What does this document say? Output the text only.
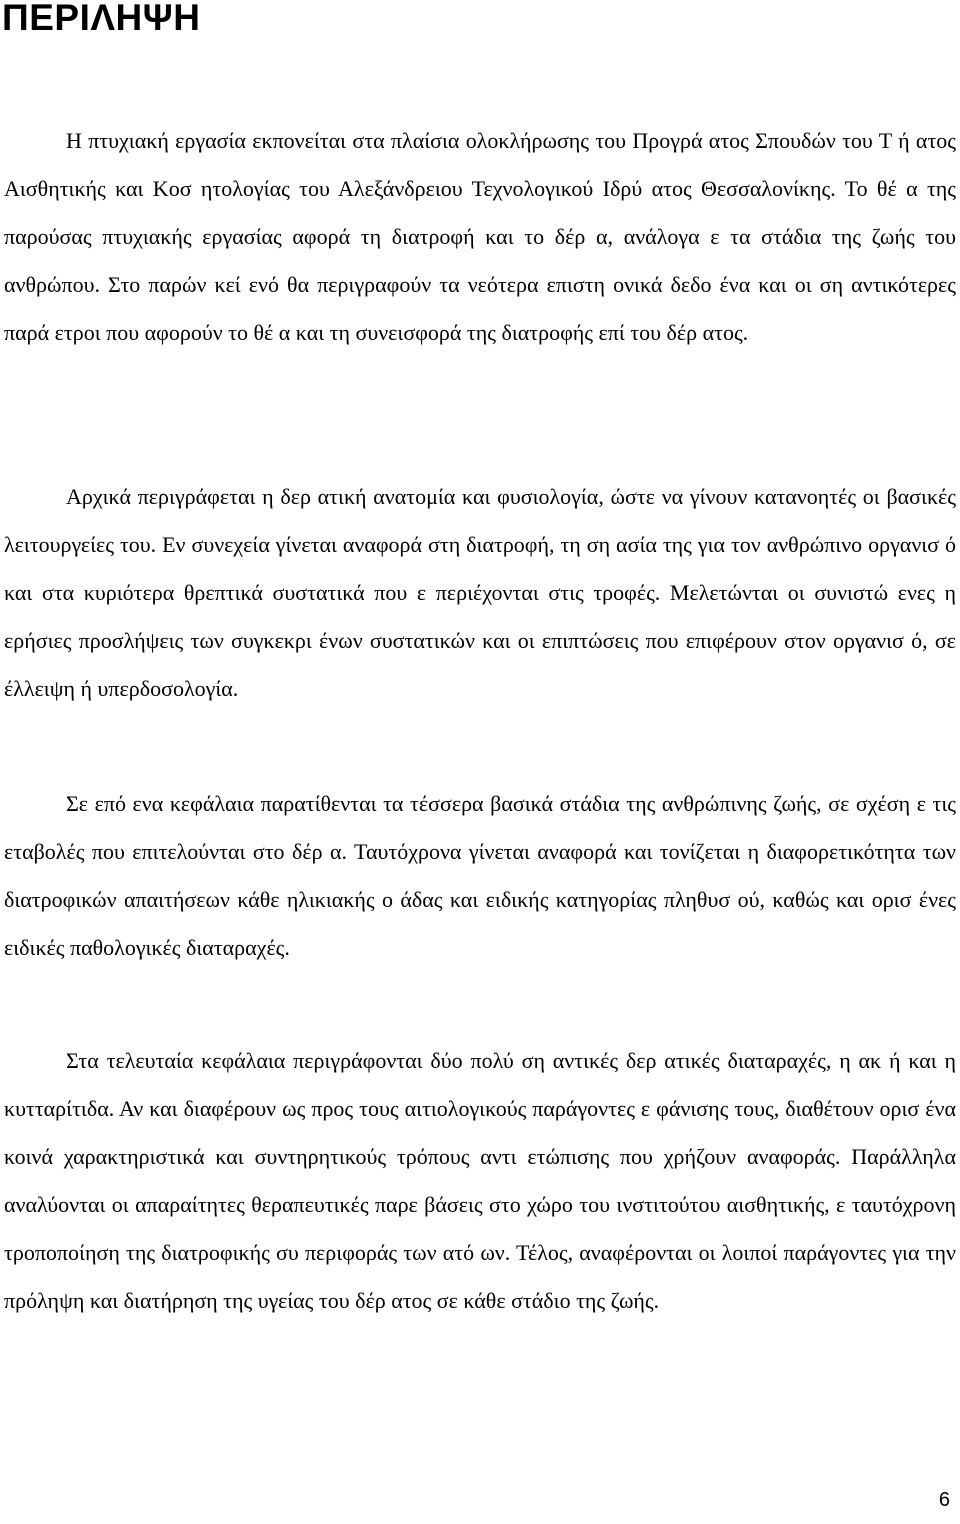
ΠΕΡΙΛΗΨΗ

Η πτυχιακή εργασία εκπονείται στα πλαίσια ολοκλήρωσης του Προγρά ατος Σπουδών του Τ ή ατος Αισθητικής και Κοσ ητολογίας του Αλεξάνδρειου Τεχνολογικού Ιδρύ ατος Θεσσαλονίκης. Το θέ α της παρούσας πτυχιακής εργασίας αφορά τη διατροφή και το δέρ α, ανάλογα ε τα στάδια της ζωής του ανθρώπου. Στο παρών κεί ενό θα περιγραφούν τα νεότερα επιστη ονικά δεδο ένα και οι ση αντικότερες παρά ετροι που αφορούν το θέ α και τη συνεισφορά της διατροφής επί του δέρ ατος.

Αρχικά περιγράφεται η δερ ατική ανατομία και φυσιολογία, ώστε να γίνουν κατανοητές οι βασικές λειτουργείες του. Εν συνεχεία γίνεται αναφορά στη διατροφή, τη ση ασία της για τον ανθρώπινο οργανισ ό και στα κυριότερα θρεπτικά συστατικά που ε περιέχονται στις τροφές. Μελετώνται οι συνιστώ ενες η ερήσιες προσλήψεις των συγκεκρι ένων συστατικών και οι επιπτώσεις που επιφέρουν στον οργανισ ό, σε έλλειψη ή υπερδοσολογία.

Σε επό ενα κεφάλαια παρατίθενται τα τέσσερα βασικά στάδια της ανθρώπινης ζωής, σε σχέση ε τις εταβολές που επιτελούνται στο δέρ α. Ταυτόχρονα γίνεται αναφορά και τονίζεται η διαφορετικότητα των διατροφικών απαιτήσεων κάθε ηλικιακής ο άδας και ειδικής κατηγορίας πληθυσ ού, καθώς και ορισ ένες ειδικές παθολογικές διαταραχές.

Στα τελευταία κεφάλαια περιγράφονται δύο πολύ ση αντικές δερ ατικές διαταραχές, η ακ ή και η κυτταρίτιδα. Αν και διαφέρουν ως προς τους αιτιολογικούς παράγοντες ε φάνισης τους, διαθέτουν ορισ ένα κοινά χαρακτηριστικά και συντηρητικούς τρόπους αντι ετώπισης που χρήζουν αναφοράς. Παράλληλα αναλύονται οι απαραίτητες θεραπευτικές παρε βάσεις στο χώρο του ινστιτούτου αισθητικής, ε ταυτόχρονη τροποποίηση της διατροφικής συ περιφοράς των ατό ων. Τέλος, αναφέρονται οι λοιποί παράγοντες για την πρόληψη και διατήρηση της υγείας του δέρ ατος σε κάθε στάδιο της ζωής.

6
